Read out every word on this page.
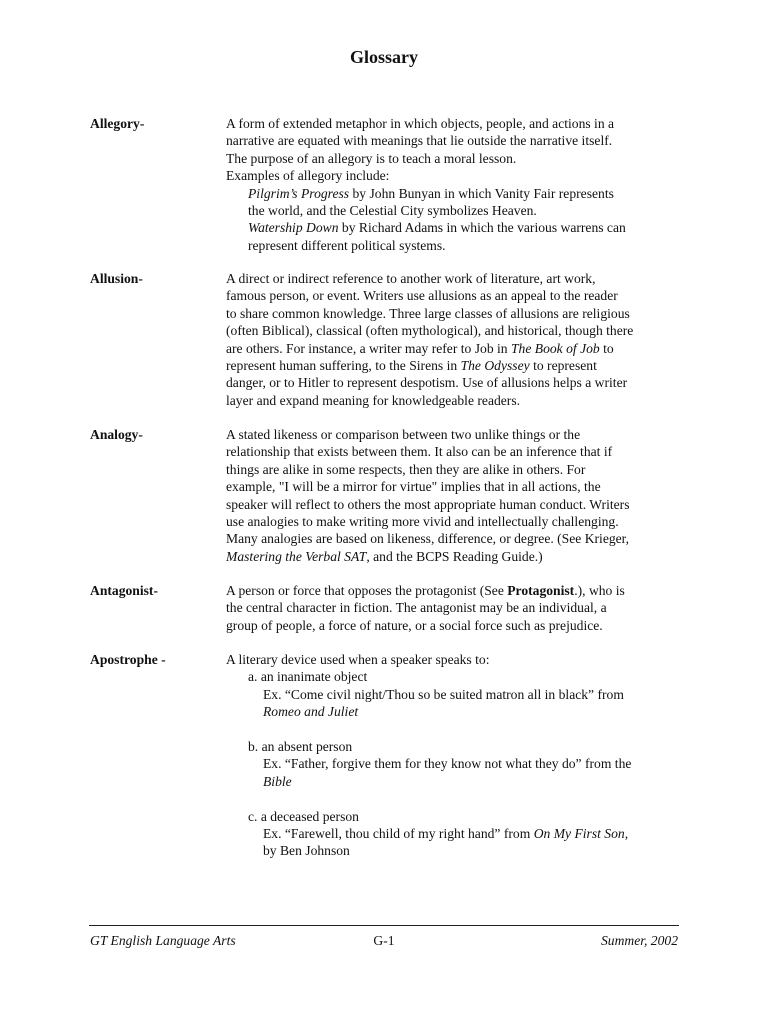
Glossary
Allegory-	A form of extended metaphor in which objects, people, and actions in a
narrative are equated with meanings that lie outside the narrative itself.
The purpose of an allegory is to teach a moral lesson.
Examples of allegory include:
Pilgrim’s Progress by John Bunyan in which Vanity Fair represents
the world, and the Celestial City symbolizes Heaven.
Watership Down by Richard Adams in which the various warrens can
represent different political systems.
Allusion-	A direct or indirect reference to another work of literature, art work,
famous person, or event. Writers use allusions as an appeal to the reader
to share common knowledge. Three large classes of allusions are religious
(often Biblical), classical (often mythological), and historical, though there
are others. For instance, a writer may refer to Job in The Book of Job to
represent human suffering, to the Sirens in The Odyssey to represent
danger, or to Hitler to represent despotism. Use of allusions helps a writer
layer and expand meaning for knowledgeable readers.
Analogy-	A stated likeness or comparison between two unlike things or the
relationship that exists between them. It also can be an inference that if
things are alike in some respects, then they are alike in others. For
example, "I will be a mirror for virtue" implies that in all actions, the
speaker will reflect to others the most appropriate human conduct. Writers
use analogies to make writing more vivid and intellectually challenging.
Many analogies are based on likeness, difference, or degree. (See Krieger,
Mastering the Verbal SAT, and the BCPS Reading Guide.)
Antagonist-	A person or force that opposes the protagonist (See Protagonist.), who is
the central character in fiction. The antagonist may be an individual, a
group of people, a force of nature, or a social force such as prejudice.
Apostrophe -	A literary device used when a speaker speaks to:
a. an inanimate object
Ex. “Come civil night/Thou so be suited matron all in black” from
Romeo and Juliet
b. an absent person
Ex. “Father, forgive them for they know not what they do” from the
Bible
c. a deceased person
Ex. “Farewell, thou child of my right hand” from On My First Son,
by Ben Johnson
GT English Language Arts	G-1	Summer, 2002
